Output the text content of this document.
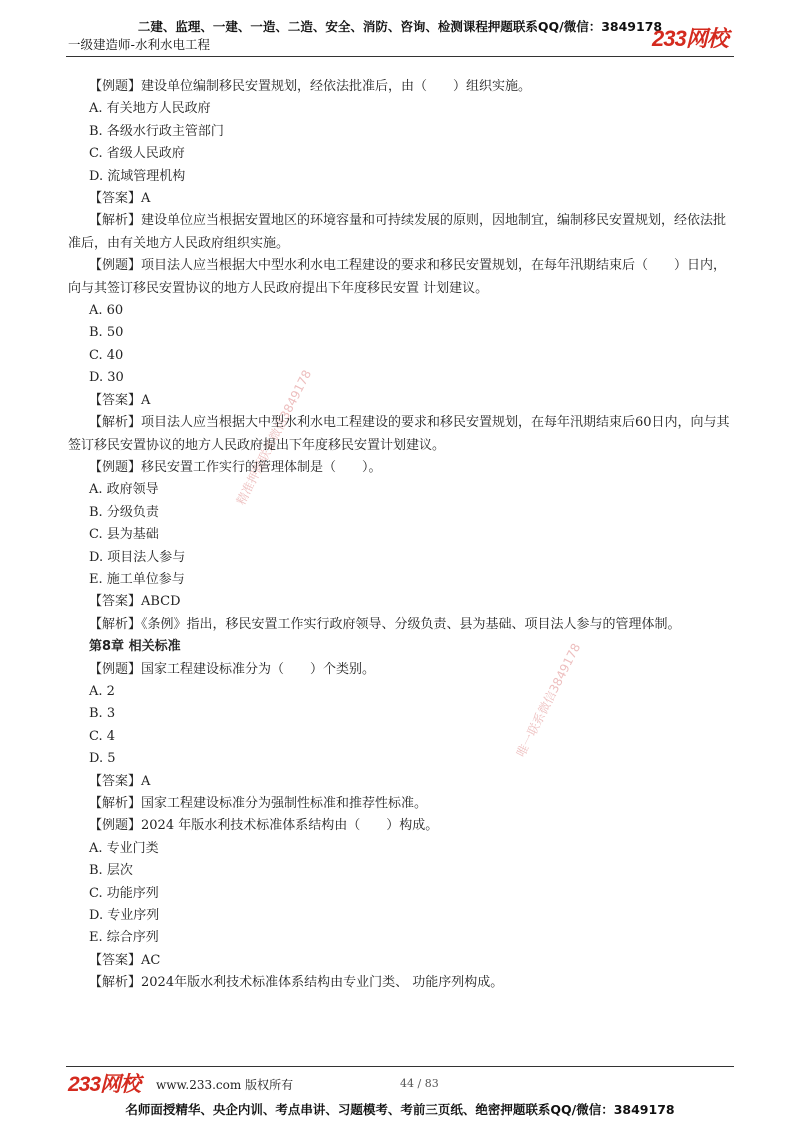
二建、监理、一建、一造、二造、安全、消防、咨询、检测课程押题联系QQ/微信：3849178
一级建造师-水利水电工程	233网校
精准押题联系微信3849178
唯一联系微信3849178
【例题】建设单位编制移民安置规划，经依法批准后，由（　　）组织实施。
A. 有关地方人民政府
B. 各级水行政主管部门
C. 省级人民政府
D. 流域管理机构
【答案】A
【解析】建设单位应当根据安置地区的环境容量和可持续发展的原则，因地制宜，编制移民安置规划，经依法批准后，由有关地方人民政府组织实施。
【例题】项目法人应当根据大中型水利水电工程建设的要求和移民安置规划，在每年汛期结束后（　　）日内，向与其签订移民安置协议的地方人民政府提出下年度移民安置 计划建议。
A. 60
B. 50
C. 40
D. 30
【答案】A
【解析】项目法人应当根据大中型水利水电工程建设的要求和移民安置规划，在每年汛期结束后60日内，向与其签订移民安置协议的地方人民政府提出下年度移民安置计划建议。
【例题】移民安置工作实行的管理体制是（　　）。
A. 政府领导
B. 分级负责
C. 县为基础
D. 项目法人参与
E. 施工单位参与
【答案】ABCD
【解析】《条例》指出，移民安置工作实行政府领导、分级负责、县为基础、项目法人参与的管理体制。
第8章 相关标准
【例题】国家工程建设标准分为（　　）个类别。
A. 2
B. 3
C. 4
D. 5
【答案】A
【解析】国家工程建设标准分为强制性标准和推荐性标准。
【例题】2024 年版水利技术标准体系结构由（　　）构成。
A. 专业门类
B. 层次
C. 功能序列
D. 专业序列
E. 综合序列
【答案】AC
【解析】2024年版水利技术标准体系结构由专业门类、 功能序列构成。
233网校 www.233.com 版权所有	44 / 83
名师面授精华、央企内训、考点串讲、习题模考、考前三页纸、绝密押题联系QQ/微信：3849178
